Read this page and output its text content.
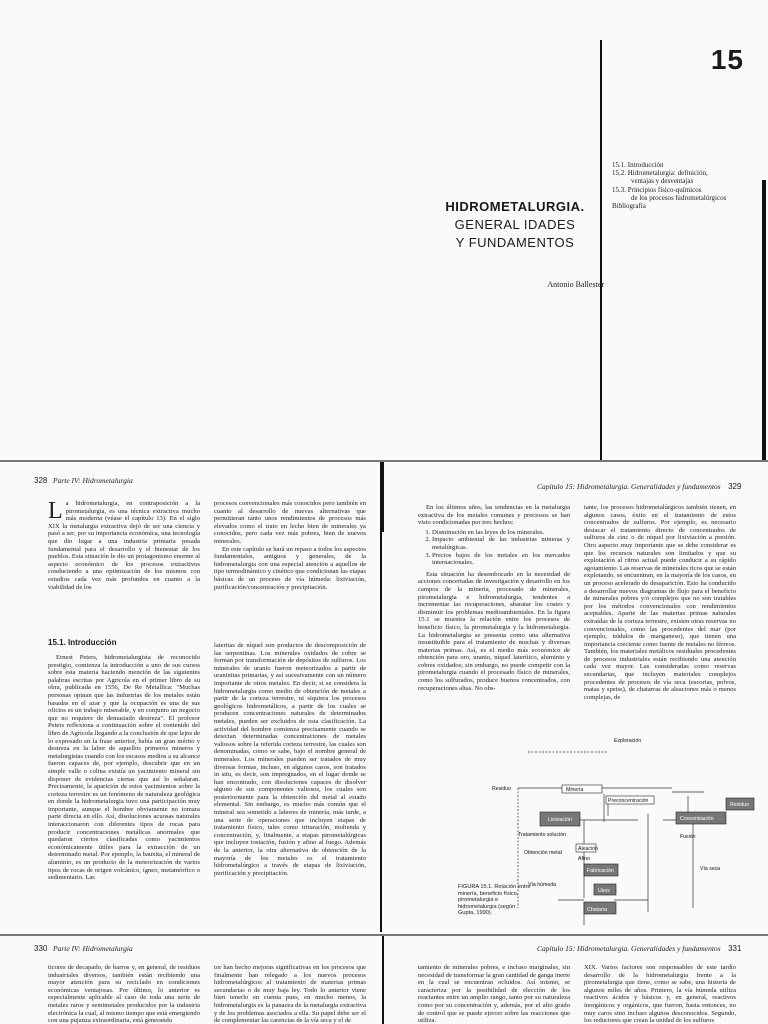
15
15.1. Introducción
15.2. Hidrometalurgia: definición,
ventajas y desventajas
15.3. Principios físico-químicos
de los procesos hidrometalúrgicos
Bibliografía
HIDROMETALURGIA.
GENERAL IDADES
Y FUNDAMENTOS
Antonio Ballester
328 Parte IV: Hidrometalurgia
Capítulo 15: Hidrometalurgia. Generalidades y fundamentos 329

La hidrometalurgia, en contraposición a la pirometalurgia, es una técnica extractiva mucho más moderna (véase el capítulo 13). En el siglo XIX la metalurgia extractiva dejó de ser una ciencia y pasó a ser, por su importancia económica, una tecnología que dio lugar a una industria primaria pesada fundamental para el desarrollo y el bienestar de los pueblos. Esta situación le dio un protagonismo enorme al aspecto económico de los procesos extractivos conduciendo a una optimización de los mismos con estudios cada vez más profundos en cuanto a la viabilidad de los

procesos convencionales más conocidos pero también en cuanto al desarrollo de nuevas alternativas que permitieran tanto unos rendimientos de procesos más elevados como el trato en lecho bien de minerales ya conocidos, pero cada vez más pobres, bien de nuevos minerales.

En este capítulo se hará un repaso a todos los aspectos fundamentales, antiguos y generales, de la hidrometalurgia con una especial atención a aquellos de tipo termodinámico y cinético que condicionan las etapas básicas de un proceso de vía húmeda: lixiviación, purificación/concentración y precipitación.

15.1. Introducción

Ernest Peters, hidrometalurgista de reconocido prestigio, comienza la introducción a uno de sus cursos sobre esta materia haciendo mención de las siguientes palabras escritas por Agricola en el primer libro de su obra, publicada en 1556, De Re Metallica: "Muchas personas opinan que las industrias de los metales están basadas en el azar y que la ocupación es una de sus oficios es un trabajo miserable, y en conjunto un negocio que no requiere de demasiado destreza". El profesor Peters reflexiona a continuación sobre el contenido del libro de Agricola llegando a la conclusión de que lejos de lo expresado en la frase anterior, había un gran mérito y destreza en la labor de aquellos primeros mineros y metalurgistas cuando con los escasos medios a su alcance fueron capaces de, por ejemplo, descubrir que en un simple valle o colina existía un yacimiento mineral sin disponer de evidencias ciertas que así lo señalaran. Precisamente, la aparición de estos yacimientos sobre la corteza terrestre es un fenómeno de naturaleza geológica en donde la hidrometalurgia tuvo una participación muy importante, aunque el hombre obviamente no tomara parte directa en ello. Así, disoluciones acuosas naturales interaccionaron con diferentes tipos de rocas para producir concentraciones metálicas anormales que quedaron ciertos clasificadas como yacimientos económicamente útiles para la extracción de un determinado metal. Por ejemplo, la bauxita, el mineral de aluminio, es un producto de la meteorización de varios tipos de rocas de origen volcánico, ígneo, metamórfico o sedimentario. Las

lateritas de níquel son productos de descomposición de las serpentinas. Los minerales oxidados de cobre se forman por transformación de depósitos de sulfuros. Los minerales de uranio fueron meteorizados a partir de uraninitas primarias, y así sucesivamente con un número importante de otros metales. En decir, si se considera la hidrometalurgia como medio de obtención de metales a partir de la corteza terrestre, ni siquiera los procesos geológicos hidrometálicos, a partir de los cuales se producen concentraciones naturales de determinados metales, pueden ser excluidos de esta clasificación. La actividad del hombre comienza precisamente cuando se detectan determinadas concentraciones de metales valiosos sobre la referida corteza terrestre, las cuales son denominadas, como se sabe, bajo el nombre general de minerales. Los minerales pueden ser tratados de muy diversas formas, incluso, en algunos casos, son tratados in situ, es decir, son impregnados, en el lugar donde se han encontrado, con disoluciones capaces de disolver alguno de sus componentes valiosos, los cuales son posteriormente para la obtención del metal al estado elemental. Sin embargo, es mucho más común que el mineral sea sometido a labores de minería, más tarde, a una serie de operaciones que incluyen etapas de tratamiento físico, tales como trituración, molienda y concentración, y, finalmente, a etapas pirometalúrgicas que incluyen tostación, fusión y afino al fuego. Además de la anterior, la otra alternativa de obtención de la mayoría de los metales es el tratamiento hidrometalúrgico a través de etapas de lixiviación, purificación y precipitación.

En los últimos años, las tendencias en la metalurgia extractiva de los metales comunes y preciosos se han visto condicionadas por tres hechos:

1. Disminución en las leyes de los minerales.
2. Impacto ambiental de las industrias mineras y metalúrgicas.
3. Precios bajos de los metales en los mercados internacionales.

Esta situación ha desembocado en la necesidad de acciones concertadas de investigación y desarrollo en los campos de la minería, procesado de minerales, pirometalurgia e hidrometalurgia, tendentes a incrementar las recuperaciones, abaratar los costes y disminuir los problemas medioambientales. En la figura 15.1 se muestra la relación entre los procesos de beneficio físico, la pirometalurgia y la hidrometalurgia. La hidrometalurgia se presenta como una alternativa insustituible para el tratamiento de muchas y diversas materias primas. Así, es el medio más económico de obtención para oro, uranio, níquel laterítico, aluminio y cobres oxidados; sin embargo, no puede competir con la pirometalurgia cuando el procesado físico de minerales, como los sulfurados, produce buenos concentrados, con recuperaciones altas. No obs-

tante, los procesos hidrometalúrgicos también tienen, en algunos casos, éxito en el tratamiento de estos concentrados de sulfuros. Por ejemplo, es necesario destacar el tratamiento directo de concentrados de sulfuros de cinc o de níquel por lixiviación a presión. Otro aspecto muy importante que se debe considerar es que los recursos naturales son limitados y que su explotación al ritmo actual puede conducir a su rápido agotamiento. Las reservas de minerales ricos que se están explotando, se encuentran, en la mayoría de los casos, en un proceso acelerado de desaparición. Esto ha conducido a desarrollar nuevos diagramas de flujo para el beneficio de minerales pobres y/o complejos que no son tratables por los métodos convencionales con rendimientos aceptables. Aparte de las materias primas naturales extraídas de la corteza terrestre, existen otras reservas no convencionales, como las procedentes del mar (por ejemplo, nódulos de manganeso), que tienen una importancia creciente como fuente de metales no férreos. También, los materiales metálicos residuales procedentes de procesos industriales están recibiendo una atención cada vez mayor. Las consideradas como reservas secundarias, que incluyen materiales complejos procedentes de procesos de vía seca (escorias, polvos, matas y speiss), de chatarras de aleaciones más o menos complejas, de

Exploración
Residuo	Minería
Preconcentración
Lixiviación	Concentración
Residuo
Tratamiento solución
Obtención metal
Fusión
Aleación
Afino
Vía húmeda
Vía seca
Fabricación
Usos
Chatarra
FIGURA 15.1. Relación entre minería, beneficio físico, pirometalurgia e hidrometalurgia (según Gupta, 1990).
330 Parte IV: Hidrometalurgia	Capítulo 15: Hidrometalurgia. Generalidades y fundamentos 331

ticores de decapado, de barros y, en general, de residuos industriales diversos, también están recibiendo una mayor atención para su reciclado en condiciones económicas ventajosas. Por último, lo anterior es especialmente aplicable al caso de toda una serie de metales raros y semimetales producidos por la industria electrónica la cual, al mismo tiempo que está emergiendo con una pujanza extraordinaria, está generando

tor han hecho mejoras significativas en los procesos que finalmente han relegado a los nuevos procesos hidrometalúrgicos al tratamiento de materias primas secundarias o de muy baja ley. Todo lo anterior viene bien tenerlo en cuenta pues, en mucho menos, la hidrometalurgia es la panacea de la metalurgia extractiva y de los problemas asociados a ella. Su papel debe ser el de complementar las carencias de la vía seca y el de

tamiento de minerales pobres, e incluso marginales, sin necesidad de transformar la gran cantidad de ganga inerte en la cual se encuentran ocluidos. Así mismo, se caracteriza por la posibilidad de elección de los reactantes entre un amplio rango, tanto por su naturaleza como por su concentración y, además, por el alto grado de control que se puede ejercer sobre las reacciones que utiliza.

XIX. Varios factores son responsables de este tardío desarrollo de la hidrometalurgia frente a la pirometalurgia que tiene, como se sabe, una historia de algunos miles de años. Primero, la vía húmeda utiliza reactivos ácidos y básicos y, en general, reactivos inorgánicos y orgánicos, que fueron, hasta entonces, no muy caros sino incluso algunos desconocidos. Segundo, los reductores que crean la unidad de los sulfuros
